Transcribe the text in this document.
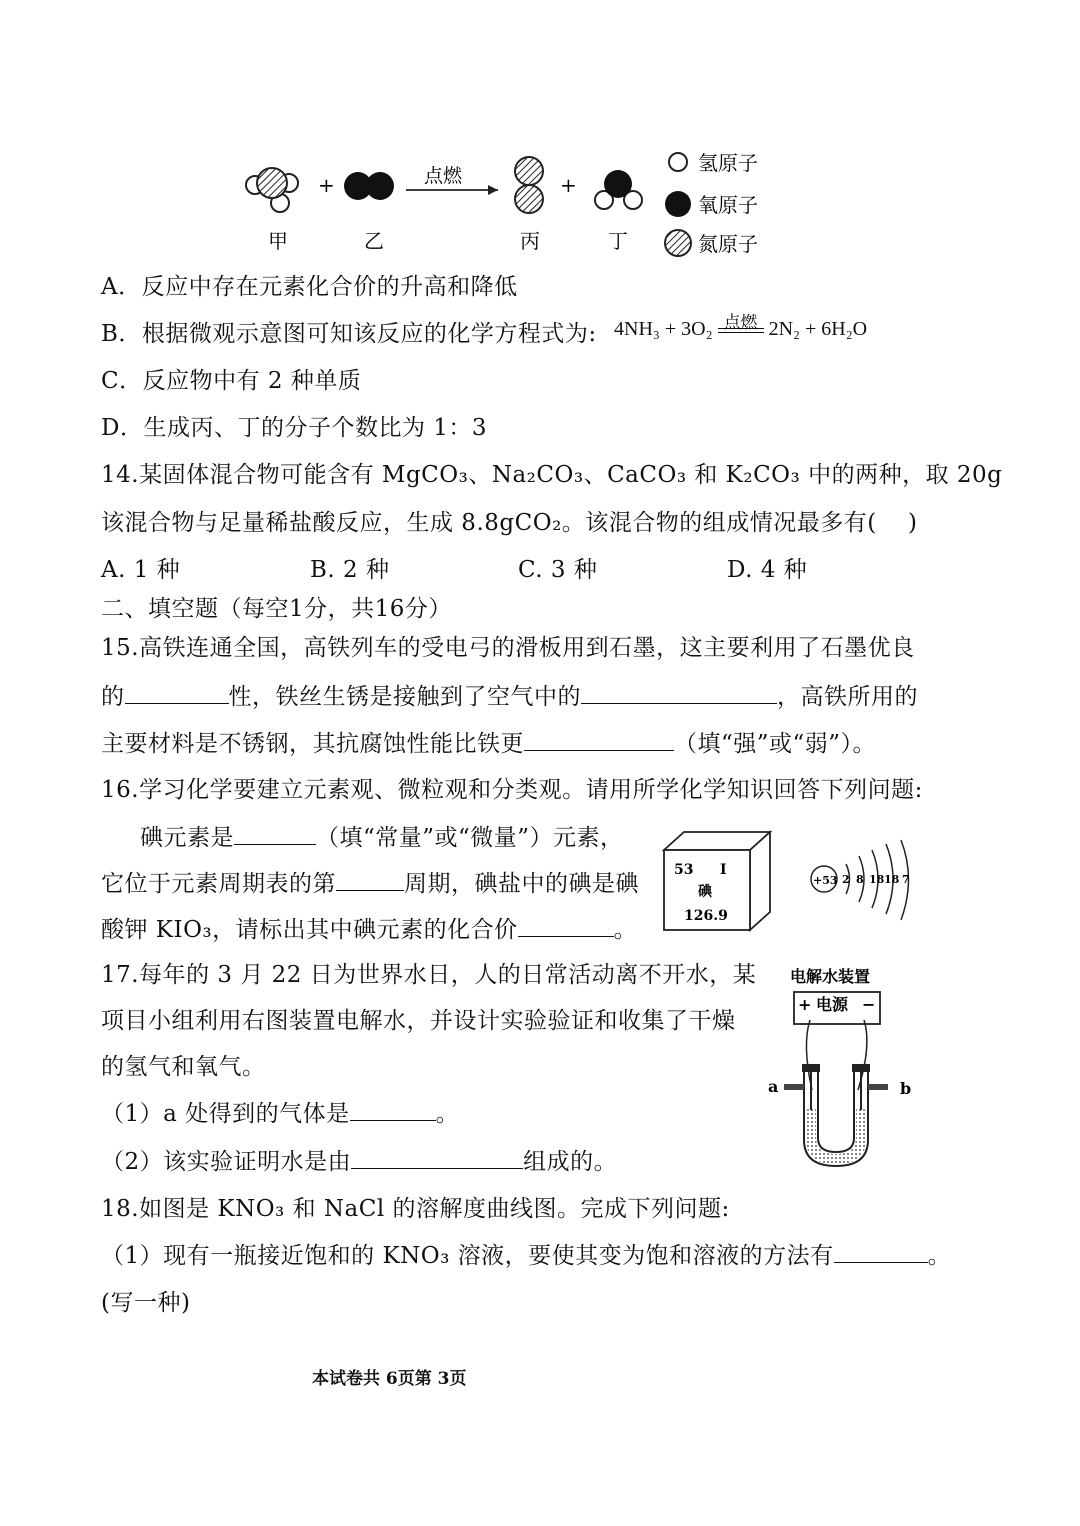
+	点燃	+
甲	乙	丙	丁
氢原子
氧原子
氮原子
A．反应中存在元素化合价的升高和降低
B．根据微观示意图可知该反应的化学方程式为: 4NH₃ + 3O₂ 点燃 2N₂ + 6H₂O
C．反应物中有 2 种单质
D．生成丙、丁的分子个数比为 1：3
14.某固体混合物可能含有 MgCO₃、Na₂CO₃、CaCO₃ 和 K₂CO₃ 中的两种，取 20g
该混合物与足量稀盐酸反应，生成 8.8gCO₂。该混合物的组成情况最多有( )
A. 1 种	B. 2 种	C. 3 种	D. 4 种
二、填空题（每空1分，共16分）
15.高铁连通全国，高铁列车的受电弓的滑板用到石墨，这主要利用了石墨优良
的	性，铁丝生锈是接触到了空气中的	，高铁所用的
主要材料是不锈钢，其抗腐蚀性能比铁更	（填“强”或“弱”）。
16.学习化学要建立元素观、微粒观和分类观。请用所学化学知识回答下列问题:
碘元素是	（填“常量”或“微量”）元素，
它位于元素周期表的第	周期，碘盐中的碘是碘
酸钾 KIO₃，请标出其中碘元素的化合价	。
53 I
碘
126.9
+53 2 8 18 18 7
17.每年的 3 月 22 日为世界水日，人的日常活动离不开水，某
项目小组利用右图装置电解水，并设计实验验证和收集了干燥
的氢气和氧气。
（1）a 处得到的气体是	。
（2）该实验证明水是由	组成的。
电解水装置
+ 电源 −
a	b
18.如图是 KNO₃ 和 NaCl 的溶解度曲线图。完成下列问题:
（1）现有一瓶接近饱和的 KNO₃ 溶液，要使其变为饱和溶液的方法有	。
(写一种)
本试卷共 6页第 3页
